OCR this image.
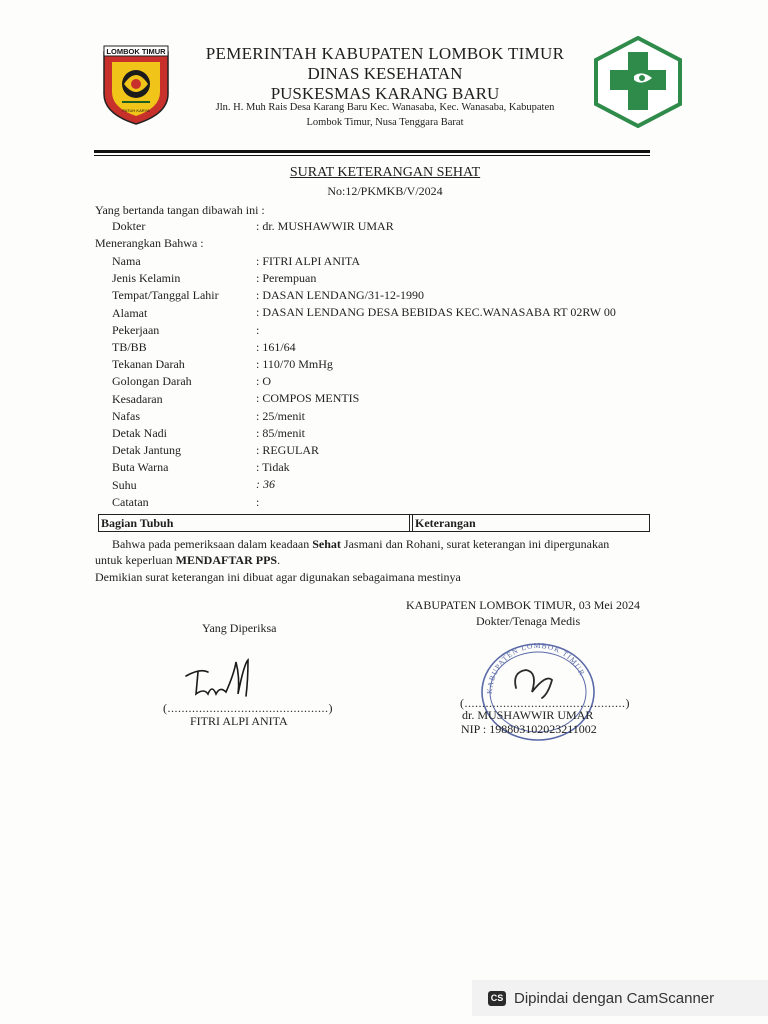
LOMBOK TIMUR
PATUH KARYA
PEMERINTAH KABUPATEN LOMBOK TIMUR
DINAS KESEHATAN
PUSKESMAS KARANG BARU
Jln. H. Muh Rais Desa Karang Baru Kec. Wanasaba, Kec. Wanasaba, Kabupaten
Lombok Timur, Nusa Tenggara Barat
SURAT KETERANGAN SEHAT
No:12/PKMKB/V/2024
Yang bertanda tangan dibawah ini :
Dokter	: dr. MUSHAWWIR UMAR
Menerangkan Bahwa :
Nama	: FITRI ALPI ANITA
Jenis Kelamin	: Perempuan
Tempat/Tanggal Lahir	: DASAN LENDANG/31-12-1990
Alamat	: DASAN LENDANG DESA BEBIDAS KEC.WANASABA RT 02RW 00
Pekerjaan	:
TB/BB	: 161/64
Tekanan Darah	: 110/70 MmHg
Golongan Darah	: O
Kesadaran	: COMPOS MENTIS
Nafas	: 25/menit
Detak Nadi	: 85/menit
Detak Jantung	: REGULAR
Buta Warna	: Tidak
Suhu	: 36
Catatan	:
Bagian Tubuh	Keterangan
Bahwa pada pemeriksaan dalam keadaan Sehat Jasmani dan Rohani, surat keterangan ini dipergunakan
untuk keperluan MENDAFTAR PPS.
Demikian surat keterangan ini dibuat agar digunakan sebagaimana mestinya
KABUPATEN LOMBOK TIMUR, 03 Mei 2024
Dokter/Tenaga Medis
Yang Diperiksa
(..............................................)
FITRI ALPI ANITA
KABUPATEN LOMBOK TIMUR
(..............................................)
dr. MUSHAWWIR UMAR
NIP : 198803102023211002
CS Dipindai dengan CamScanner
